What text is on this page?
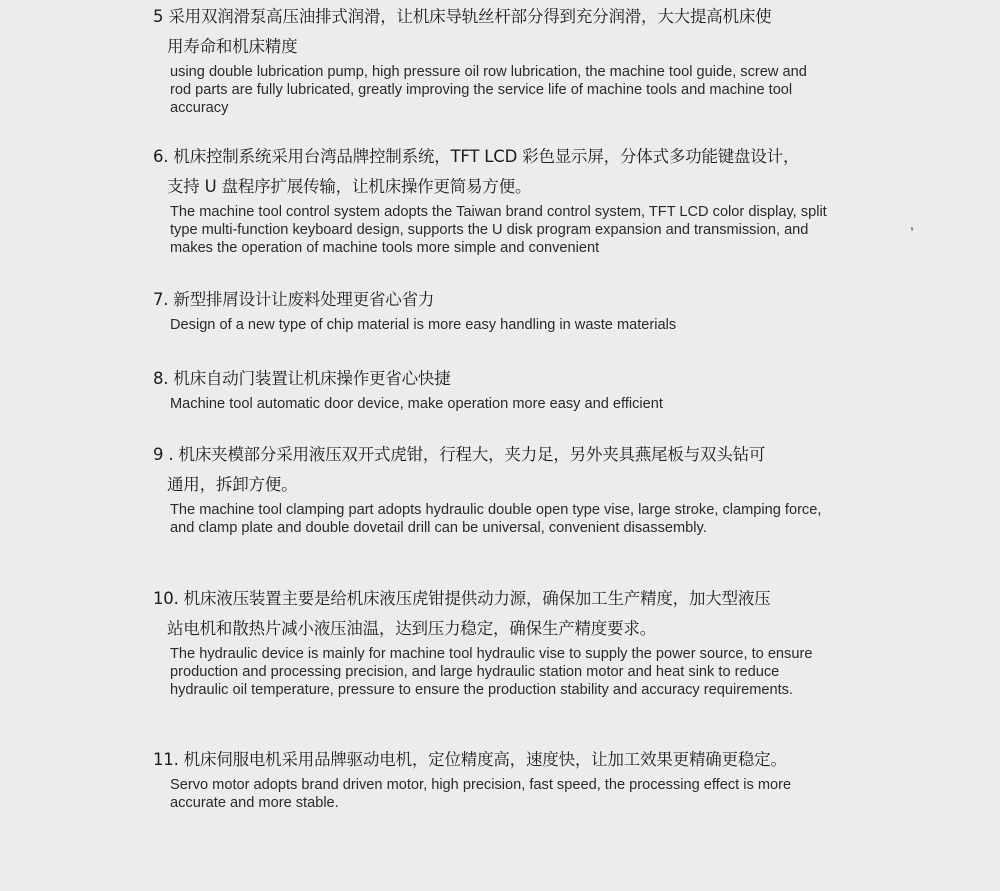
5 采用双润滑泵高压油排式润滑，让机床导轨丝杆部分得到充分润滑，大大提高机床使
用寿命和机床精度
using double lubrication pump, high pressure oil row lubrication, the machine tool guide, screw and rod parts are fully lubricated, greatly improving the service life of machine tools and machine tool accuracy
6. 机床控制系统采用台湾品牌控制系统，TFT LCD 彩色显示屏，分体式多功能键盘设计，
支持 U 盘程序扩展传输，让机床操作更简易方便。
The machine tool control system adopts the Taiwan brand control system, TFT LCD color display, split type multi-function keyboard design, supports the U disk program expansion and transmission, and makes the operation of machine tools more simple and convenient
7. 新型排屑设计让废料处理更省心省力
Design of a new type of chip material is more easy handling in waste materials
8. 机床自动门装置让机床操作更省心快捷
Machine tool automatic door device, make operation more easy and efficient
9 . 机床夹模部分采用液压双开式虎钳，行程大，夹力足，另外夹具燕尾板与双头钻可
通用，拆卸方便。
The machine tool clamping part adopts hydraulic double open type vise, large stroke, clamping force, and clamp plate and double dovetail drill can be universal, convenient disassembly.
10. 机床液压装置主要是给机床液压虎钳提供动力源，确保加工生产精度，加大型液压
站电机和散热片减小液压油温，达到压力稳定，确保生产精度要求。
The hydraulic device is mainly for machine tool hydraulic vise to supply the power source, to ensure production and processing precision, and large hydraulic station motor and heat sink to reduce hydraulic oil temperature, pressure to ensure the production stability and accuracy requirements.
11. 机床伺服电机采用品牌驱动电机，定位精度高，速度快，让加工效果更精确更稳定。
Servo motor adopts brand driven motor, high precision, fast speed, the processing effect is more accurate and more stable.
,
